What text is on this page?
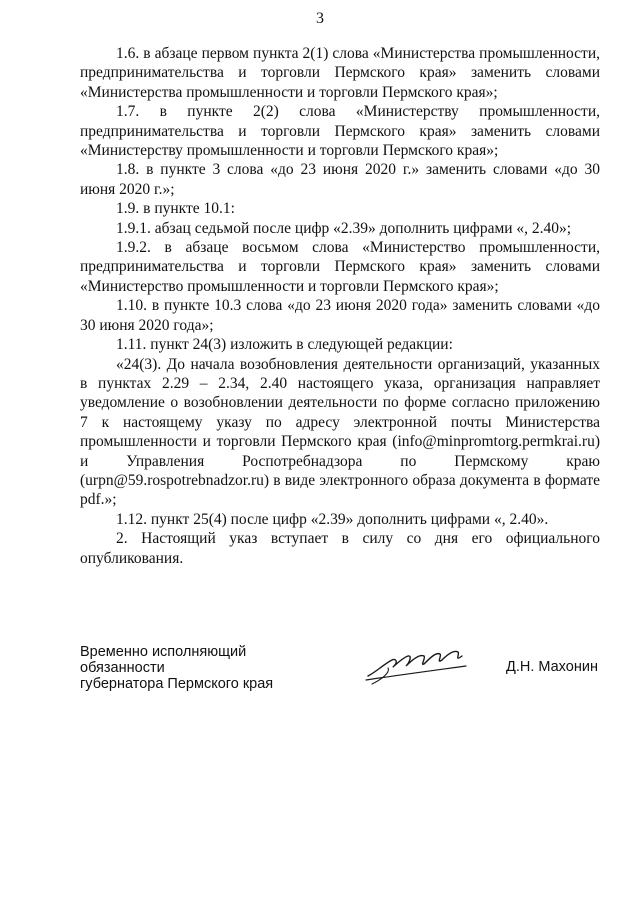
3

1.6. в абзаце первом пункта 2(1) слова «Министерства промышленности, предпринимательства и торговли Пермского края» заменить словами «Министерства промышленности и торговли Пермского края»;

1.7. в пункте 2(2) слова «Министерству промышленности, предпринимательства и торговли Пермского края» заменить словами «Министерству промышленности и торговли Пермского края»;

1.8. в пункте 3 слова «до 23 июня 2020 г.» заменить словами «до 30 июня 2020 г.»;

1.9. в пункте 10.1:

1.9.1. абзац седьмой после цифр «2.39» дополнить цифрами «, 2.40»;

1.9.2. в абзаце восьмом слова «Министерство промышленности, предпринимательства и торговли Пермского края» заменить словами «Министерство промышленности и торговли Пермского края»;

1.10. в пункте 10.3 слова «до 23 июня 2020 года» заменить словами «до 30 июня 2020 года»;

1.11. пункт 24(3) изложить в следующей редакции:

«24(3). До начала возобновления деятельности организаций, указанных в пунктах 2.29 – 2.34, 2.40 настоящего указа, организация направляет уведомление о возобновлении деятельности по форме согласно приложению 7 к настоящему указу по адресу электронной почты Министерства промышленности и торговли Пермского края (info@minpromtorg.permkrai.ru) и Управления Роспотребнадзора по Пермскому краю (urpn@59.rospotrebnadzor.ru) в виде электронного образа документа в формате pdf.»;

1.12. пункт 25(4) после цифр «2.39» дополнить цифрами «, 2.40».

2. Настоящий указ вступает в силу со дня его официального опубликования.

Временно исполняющий обязанности
губернатора Пермского края
Д.Н. Махонин
